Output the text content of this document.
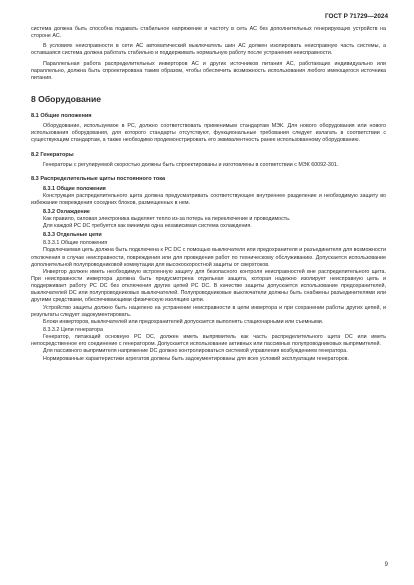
ГОСТ Р 71729—2024

система должна быть способна подавать стабильное напряжение и частоту в сеть АС без дополнительных генерирующих устройств на стороне АС.

В условиях неисправности в сети АС автоматический выключатель шин АС должен изолировать неисправную часть системы, а оставшаяся система должна работать стабильно и поддерживать нормальную работу после устранения неисправности.

Параллельная работа распределительных инверторов АС и других источников питания АС, работающих индивидуально или параллельно, должна быть спроектирована таким образом, чтобы обеспечить возможность использования любого имеющегося источника питания.

8 Оборудование
8.1 Общие положения

Оборудование, используемое в РС, должно соответствовать применимым стандартам МЭК. Для нового оборудования или нового использования оборудования, для которого стандарты отсутствуют, функциональные требования следует излагать в соответствии с существующим стандартам, а также необходимо продемонстрировать его эквивалентность ранее использованному оборудованию.

8.2 Генераторы

Генераторы с регулируемой скоростью должны быть спроектированы и изготовлены в соответствии с МЭК 60092-301.

8.3 Распределительные щиты постоянного тока
8.3.1 Общие положения

Конструкция распределительного щита должна предусматривать соответствующее внутреннее разделение и необходимую защиту во избежание повреждения соседних блоков, размещенных в нем.

8.3.2 Охлаждение

Как правило, силовая электроника выделяет тепло из-за потерь на переключение и проводимость.

Для каждой РС DC требуется как минимум одна независимая система охлаждения.

8.3.3 Отдельные цепи
8.3.3.1 Общие положения

Подключаемая цепь должна быть подключена к РС DC с помощью выключателя или предохранителя и разъединителя для возможности отключения в случае неисправности, повреждения или для проведения работ по техническому обслуживанию. Допускается использование дополнительной полупроводниковой коммутации для высокоскоростной защиты от сверхтоков.

Инвертор должен иметь необходимую встроенную защиту для безопасного контроля неисправностей вне распределительного щита. При неисправности инвертора должна быть предусмотрена отдельная защита, которая надежно изолирует неисправную цепь и поддерживает работу РС DC без отключения других цепей РС DC. В качестве защиты допускается использование предохранителей, выключателей DC или полупроводниковых выключателей. Полупроводниковые выключатели должны быть снабжены разъединителями или другими средствами, обеспечивающими физическую изоляцию цепи.

Устройство защиты должно быть нацелено на устранение неисправности в цепи инвертора и при сохранении работы других цепей, и результаты следует задокументировать.

Блоки инверторов, выключателей или предохранителей допускается выполнять стационарными или съемными.

8.3.3.2 Цепи генератора

Генератор, питающий основную РС DC, должен иметь выпрямитель как часть распределительного щита DC или иметь непосредственное его соединение с генератором. Допускается использование активных или пассивных полупроводниковых выпрямителей.

Для пассивного выпрямителя напряжение DC должно контролироваться системой управления возбуждением генератора.

Нормированные характеристики агрегатов должны быть задокументированы для всех условий эксплуатации генераторов.

9
